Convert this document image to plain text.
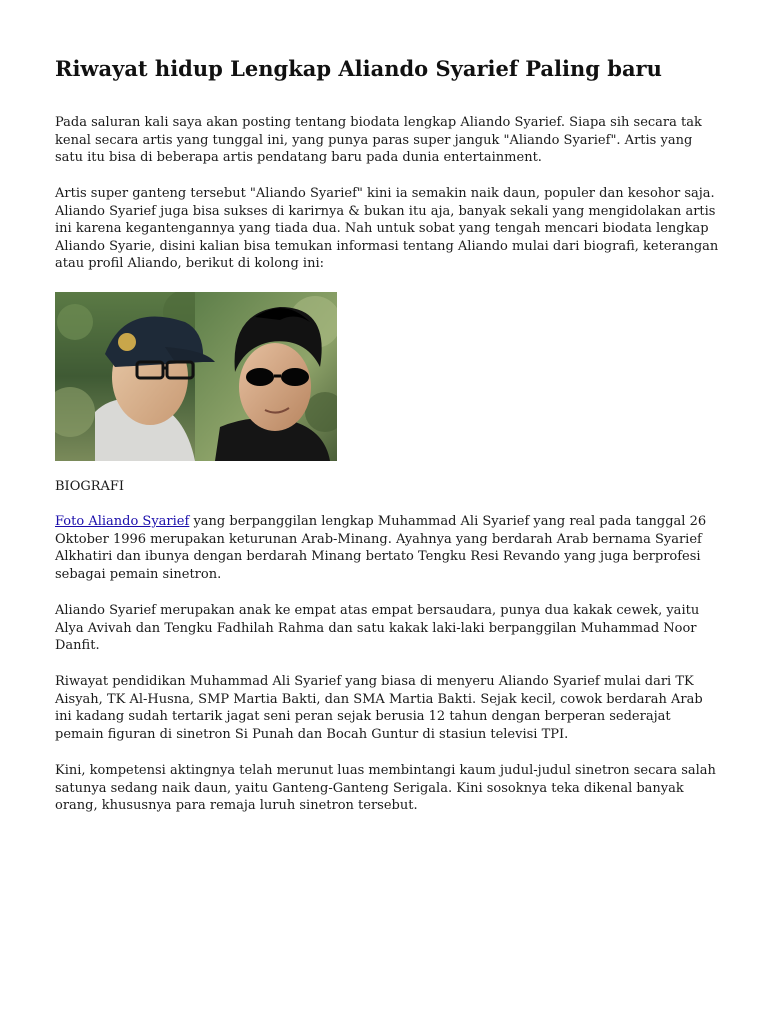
Riwayat hidup Lengkap Aliando Syarief Paling baru

Pada saluran kali saya akan posting tentang biodata lengkap Aliando Syarief. Siapa sih secara tak kenal secara artis yang tunggal ini, yang punya paras super janguk "Aliando Syarief". Artis yang satu itu bisa di beberapa artis pendatang baru pada dunia entertainment.

Artis super ganteng tersebut "Aliando Syarief" kini ia semakin naik daun, populer dan kesohor saja. Aliando Syarief juga bisa sukses di karirnya & bukan itu aja, banyak sekali yang mengidolakan artis ini karena kegantengannya yang tiada dua. Nah untuk sobat yang tengah mencari biodata lengkap Aliando Syarie, disini kalian bisa temukan informasi tentang Aliando mulai dari biografi, keterangan atau profil Aliando, berikut di kolong ini:

BIOGRAFI

Foto Aliando Syarief yang berpanggilan lengkap Muhammad Ali Syarief yang real pada tanggal 26 Oktober 1996 merupakan keturunan Arab-Minang. Ayahnya yang berdarah Arab bernama Syarief Alkhatiri dan ibunya dengan berdarah Minang bertato Tengku Resi Revando yang juga berprofesi sebagai pemain sinetron.

Aliando Syarief merupakan anak ke empat atas empat bersaudara, punya dua kakak cewek, yaitu Alya Avivah dan Tengku Fadhilah Rahma dan satu kakak laki-laki berpanggilan Muhammad Noor Danfit.

Riwayat pendidikan Muhammad Ali Syarief yang biasa di menyeru Aliando Syarief mulai dari TK Aisyah, TK Al-Husna, SMP Martia Bakti, dan SMA Martia Bakti. Sejak kecil, cowok berdarah Arab ini kadang sudah tertarik jagat seni peran sejak berusia 12 tahun dengan berperan sederajat pemain figuran di sinetron Si Punah dan Bocah Guntur di stasiun televisi TPI.

Kini, kompetensi aktingnya telah merunut luas membintangi kaum judul-judul sinetron secara salah satunya sedang naik daun, yaitu Ganteng-Ganteng Serigala. Kini sosoknya teka dikenal banyak orang, khususnya para remaja luruh sinetron tersebut.
